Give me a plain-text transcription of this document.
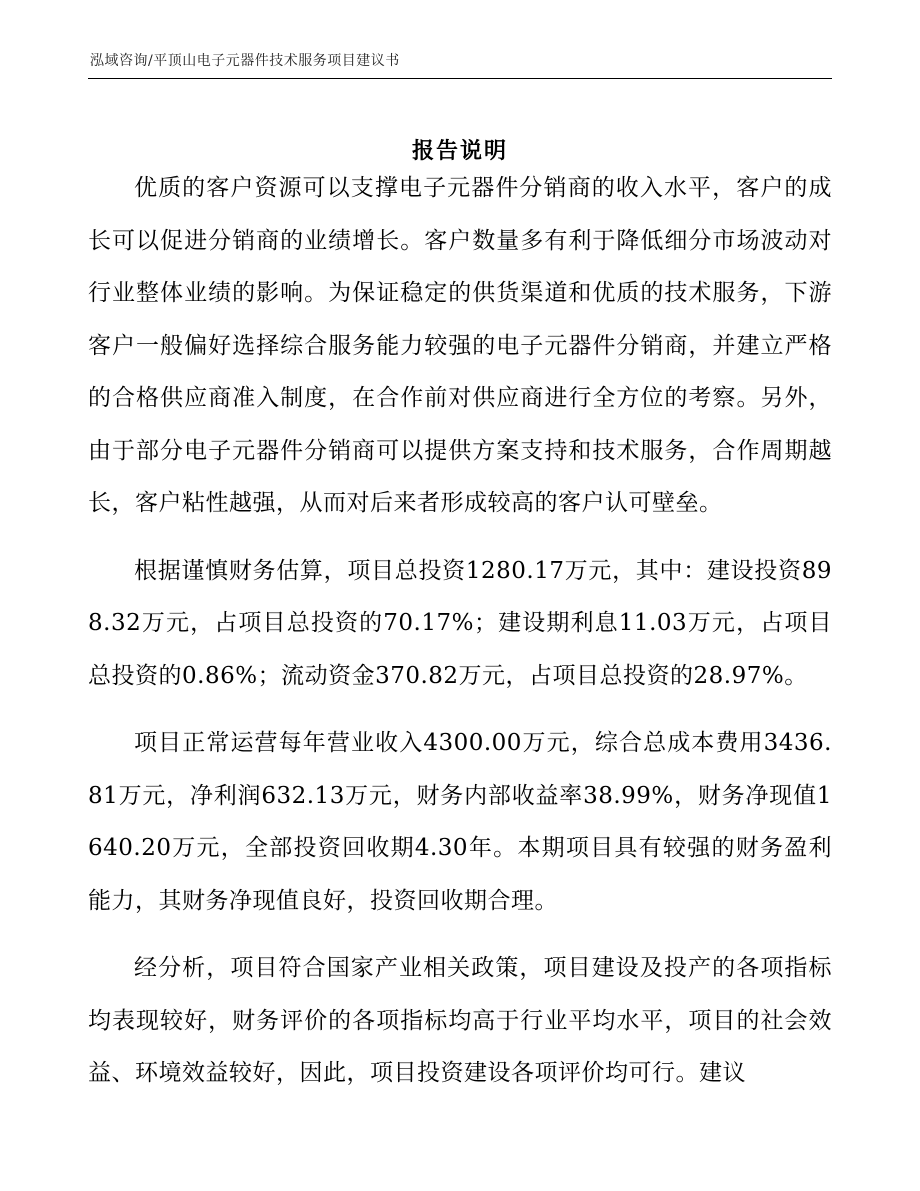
泓域咨询/平顶山电子元器件技术服务项目建议书
报告说明

优质的客户资源可以支撑电子元器件分销商的收入水平，客户的成长可以促进分销商的业绩增长。客户数量多有利于降低细分市场波动对行业整体业绩的影响。为保证稳定的供货渠道和优质的技术服务，下游客户一般偏好选择综合服务能力较强的电子元器件分销商，并建立严格的合格供应商准入制度，在合作前对供应商进行全方位的考察。另外，由于部分电子元器件分销商可以提供方案支持和技术服务，合作周期越长，客户粘性越强，从而对后来者形成较高的客户认可壁垒。

根据谨慎财务估算，项目总投资1280.17万元，其中：建设投资898.32万元，占项目总投资的70.17%；建设期利息11.03万元，占项目总投资的0.86%；流动资金370.82万元，占项目总投资的28.97%。

项目正常运营每年营业收入4300.00万元，综合总成本费用3436.81万元，净利润632.13万元，财务内部收益率38.99%，财务净现值1640.20万元，全部投资回收期4.30年。本期项目具有较强的财务盈利能力，其财务净现值良好，投资回收期合理。

经分析，项目符合国家产业相关政策，项目建设及投产的各项指标均表现较好，财务评价的各项指标均高于行业平均水平，项目的社会效益、环境效益较好，因此，项目投资建设各项评价均可行。建议
